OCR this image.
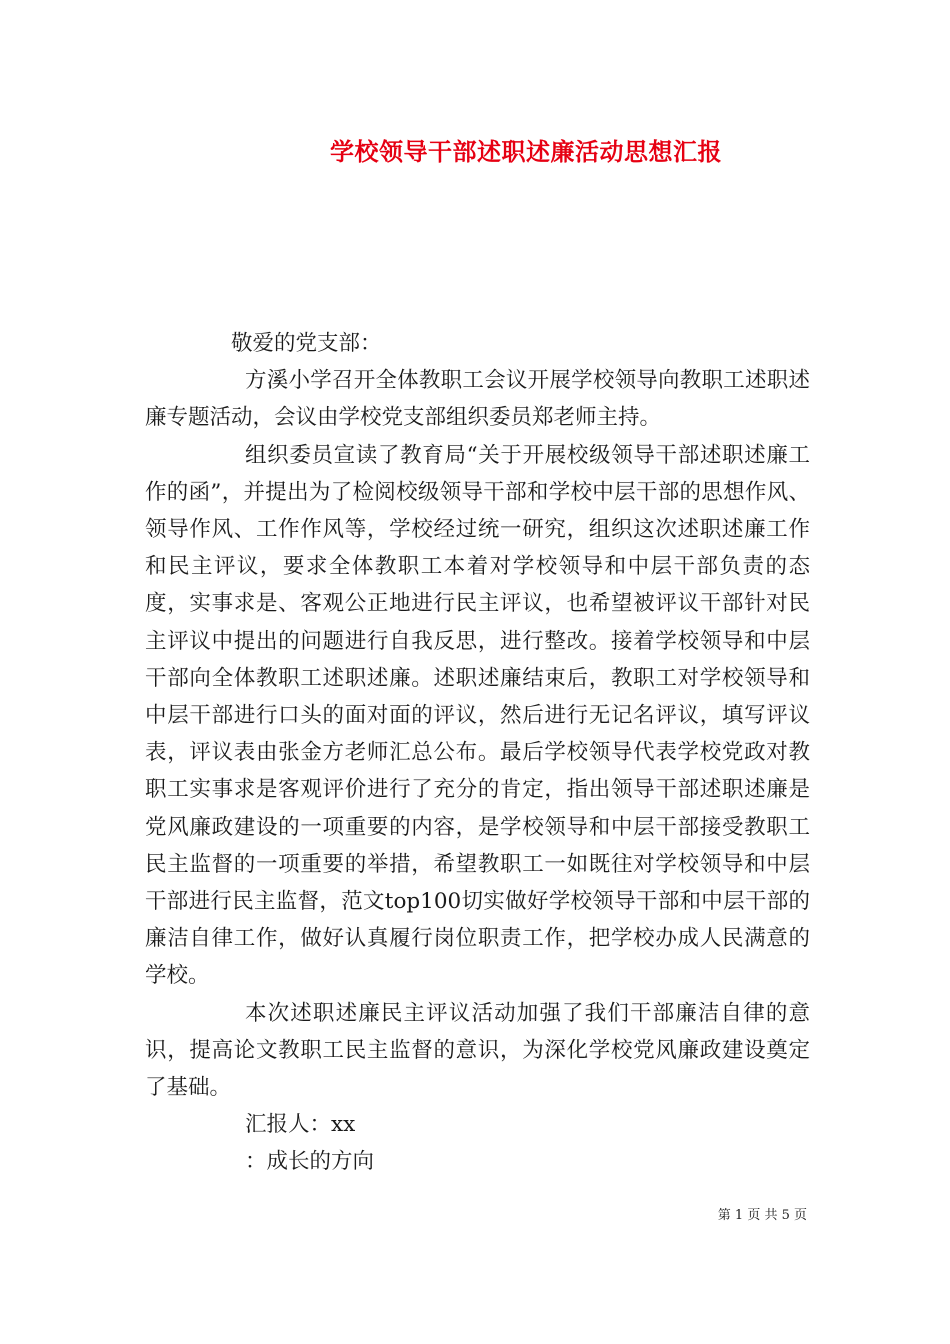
学校领导干部述职述廉活动思想汇报

敬爱的党支部：

方溪小学召开全体教职工会议开展学校领导向教职工述职述廉专题活动，会议由学校党支部组织委员郑老师主持。

组织委员宣读了教育局“关于开展校级领导干部述职述廉工作的函”，并提出为了检阅校级领导干部和学校中层干部的思想作风、领导作风、工作作风等，学校经过统一研究，组织这次述职述廉工作和民主评议，要求全体教职工本着对学校领导和中层干部负责的态度，实事求是、客观公正地进行民主评议，也希望被评议干部针对民主评议中提出的问题进行自我反思，进行整改。接着学校领导和中层干部向全体教职工述职述廉。述职述廉结束后，教职工对学校领导和中层干部进行口头的面对面的评议，然后进行无记名评议，填写评议表，评议表由张金方老师汇总公布。最后学校领导代表学校党政对教职工实事求是客观评价进行了充分的肯定，指出领导干部述职述廉是党风廉政建设的一项重要的内容，是学校领导和中层干部接受教职工民主监督的一项重要的举措，希望教职工一如既往对学校领导和中层干部进行民主监督，范文top100切实做好学校领导干部和中层干部的廉洁自律工作，做好认真履行岗位职责工作，把学校办成人民满意的学校。

本次述职述廉民主评议活动加强了我们干部廉洁自律的意识，提高论文教职工民主监督的意识，为深化学校党风廉政建设奠定了基础。

汇报人：xx

：成长的方向

第 1 页 共 5 页
